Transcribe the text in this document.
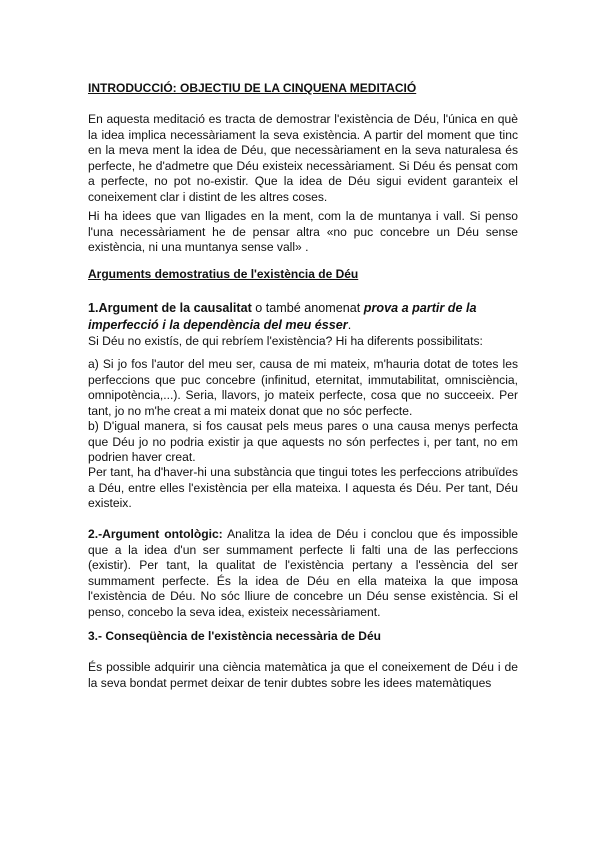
INTRODUCCIÓ: OBJECTIU DE LA CINQUENA MEDITACIÓ
En aquesta meditació es tracta de demostrar l'existència de Déu, l'única en què la idea implica necessàriament la seva existència. A partir del moment que tinc en la meva ment la idea de Déu, que necessàriament en la seva naturalesa és perfecte, he d'admetre que Déu existeix necessàriament. Si Déu és pensat com a perfecte, no pot no-existir. Que la idea de Déu sigui evident garanteix el coneixement clar i distint de les altres coses.
Hi ha idees que van lligades en la ment, com la de muntanya i vall. Si penso l'una necessàriament he de pensar altra «no puc concebre un Déu sense existència, ni una muntanya sense vall» .
Arguments demostratius de l'existència de Déu
1.Argument de la causalitat o també anomenat prova a partir de la imperfecció i la dependència del meu ésser.
Si Déu no existís, de qui rebríem l'existència? Hi ha diferents possibilitats:
a) Si jo fos l'autor del meu ser, causa de mi mateix, m'hauria dotat de totes les perfeccions que puc concebre (infinitud, eternitat, immutabilitat, omnisciència, omnipotència,...). Seria, llavors, jo mateix perfecte, cosa que no succeeix. Per tant, jo no m'he creat a mi mateix donat que no sóc perfecte.
b) D'igual manera, si fos causat pels meus pares o una causa menys perfecta que Déu jo no podria existir ja que aquests no són perfectes i, per tant, no em podrien haver creat.
Per tant, ha d'haver-hi una substància que tingui totes les perfeccions atribuïdes a Déu, entre elles l'existència per ella mateixa. I aquesta és Déu. Per tant, Déu existeix.
2.-Argument ontològic: Analitza la idea de Déu i conclou que és impossible que a la idea d'un ser summament perfecte li falti una de las perfeccions (existir). Per tant, la qualitat de l'existència pertany a l'essència del ser summament perfecte. És la idea de Déu en ella mateixa la que imposa l'existència de Déu. No sóc lliure de concebre un Déu sense existència. Si el penso, concebo la seva idea, existeix necessàriament.
3.- Conseqüència de l'existència necessària de Déu
És possible adquirir una ciència matemàtica ja que el coneixement de Déu i de la seva bondat permet deixar de tenir dubtes sobre les idees matemàtiques
